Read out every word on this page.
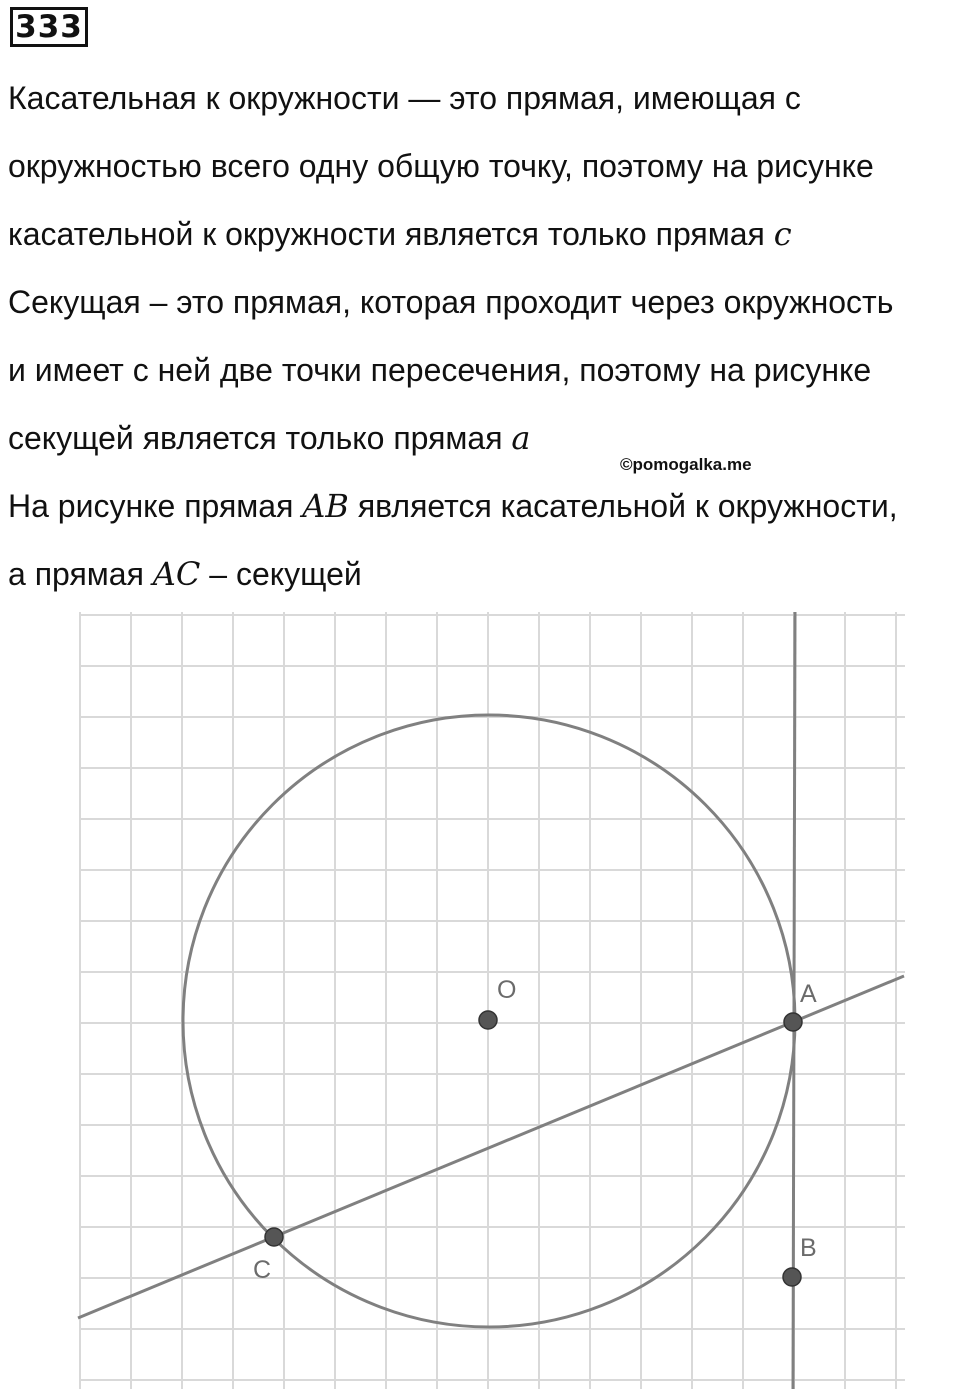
333
Касательная к окружности — это прямая, имеющая с
окружностью всего одну общую точку, поэтому на рисунке
касательной к окружности является только прямая c
Секущая – это прямая, которая проходит через окружность
и имеет с ней две точки пересечения, поэтому на рисунке
секущей является только прямая a
©pomogalka.me
На рисунке прямая AB является касательной к окружности,
а прямая AC – секущей
O	A
B
C
